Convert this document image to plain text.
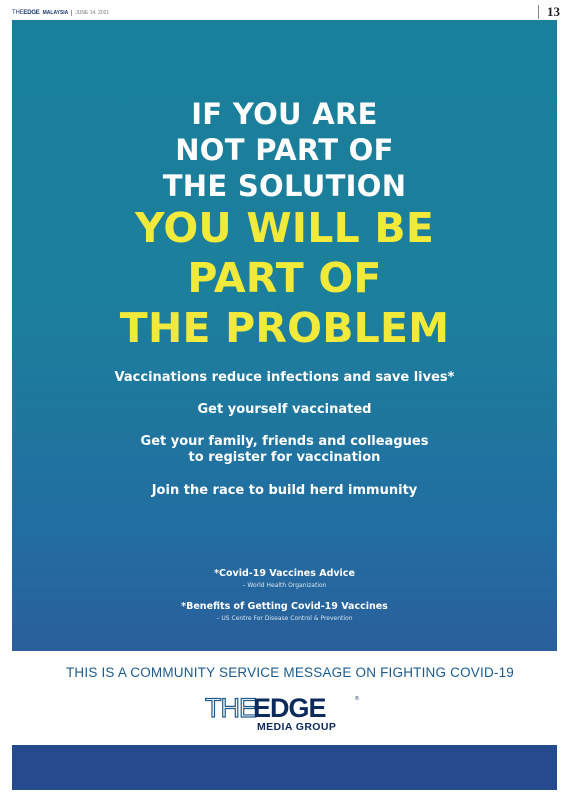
THEEDGE MALAYSIA JUNE 14, 2021	13
IF YOU ARE
NOT PART OF
THE SOLUTION
YOU WILL BE
PART OF
THE PROBLEM
Vaccinations reduce infections and save lives*
Get yourself vaccinated
Get your family, friends and colleagues
to register for vaccination
Join the race to build herd immunity
*Covid-19 Vaccines Advice
– World Health Organization
*Benefits of Getting Covid-19 Vaccines
– US Centre For Disease Control & Prevention
THIS IS A COMMUNITY SERVICE MESSAGE ON FIGHTING COVID-19
THE
EDGE	®
MEDIA GROUP
